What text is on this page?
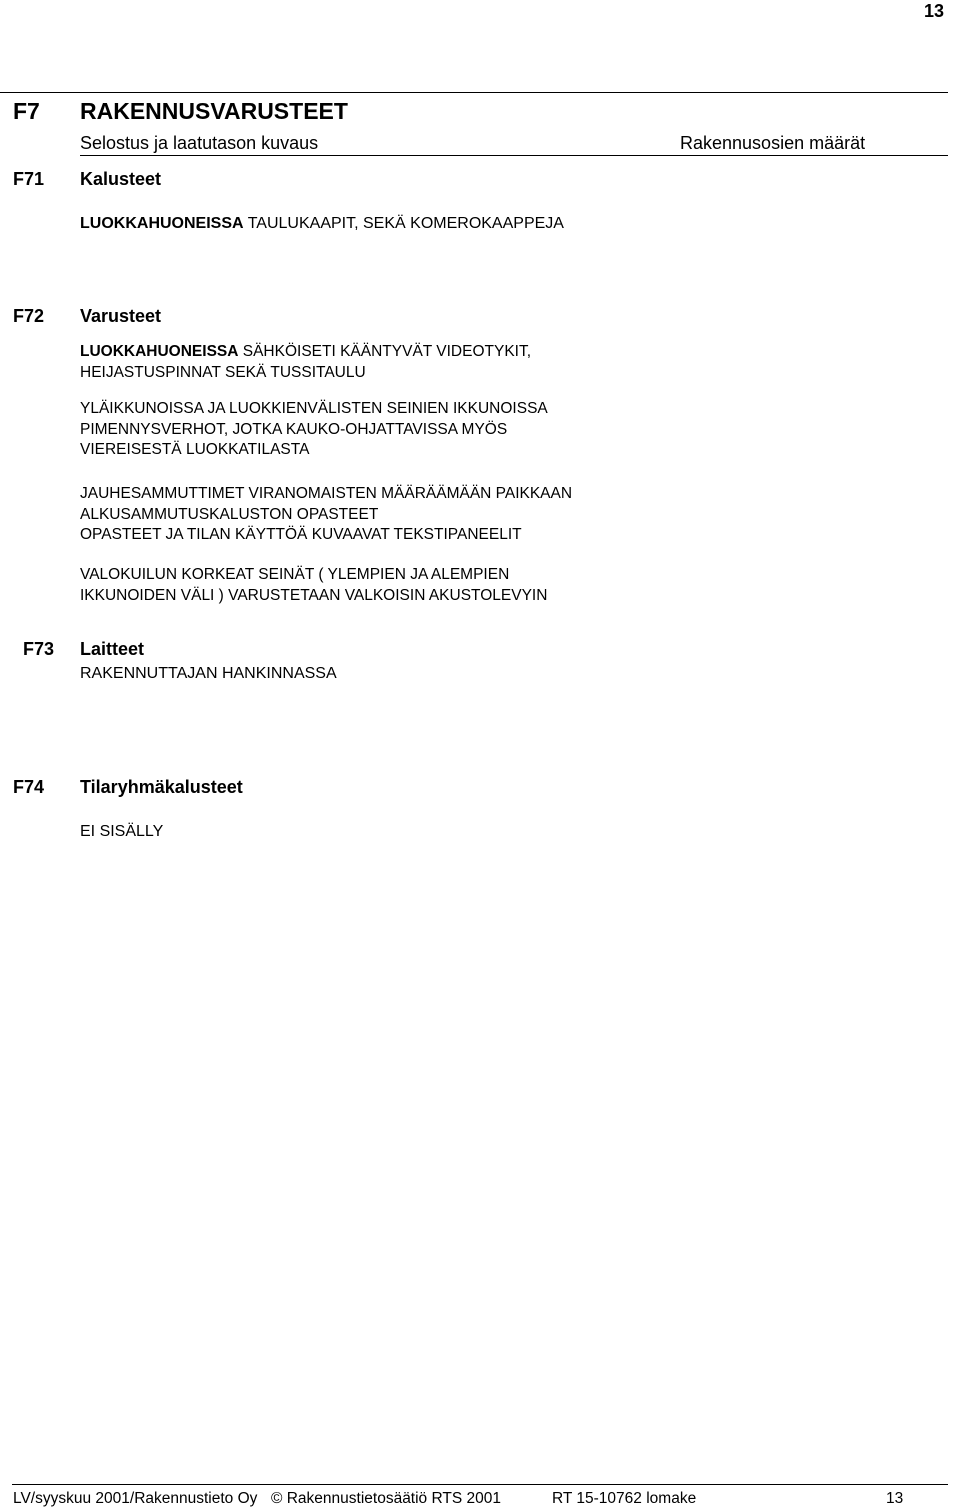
13
F7 RAKENNUSVARUSTEET
Selostus ja laatutason kuvaus	Rakennusosien määrät
F71 Kalusteet
LUOKKAHUONEISSA TAULUKAAPIT, SEKÄ KOMEROKAAPPEJA
F72 Varusteet
LUOKKAHUONEISSA SÄHKÖISETI KÄÄNTYVÄT VIDEOTYKIT,
HEIJASTUSPINNAT SEKÄ TUSSITAULU
YLÄIKKUNOISSA JA LUOKKIENVÄLISTEN SEINIEN IKKUNOISSA
PIMENNYSVERHOT, JOTKA KAUKO-OHJATTAVISSA MYÖS
VIEREISESTÄ LUOKKATILASTA
JAUHESAMMUTTIMET VIRANOMAISTEN MÄÄRÄÄMÄÄN PAIKKAAN
ALKUSAMMUTUSKALUSTON OPASTEET
OPASTEET JA TILAN KÄYTTÖÄ KUVAAVAT TEKSTIPANEELIT
VALOKUILUN KORKEAT SEINÄT ( YLEMPIEN JA ALEMPIEN
IKKUNOIDEN VÄLI ) VARUSTETAAN VALKOISIN AKUSTOLEVYIN
F73 Laitteet
RAKENNUTTAJAN HANKINNASSA
F74 Tilaryhmäkalusteet
EI SISÄLLY
LV/syyskuu 2001/Rakennustieto Oy © Rakennustietosäätiö RTS 2001	RT 15-10762 lomake	13
